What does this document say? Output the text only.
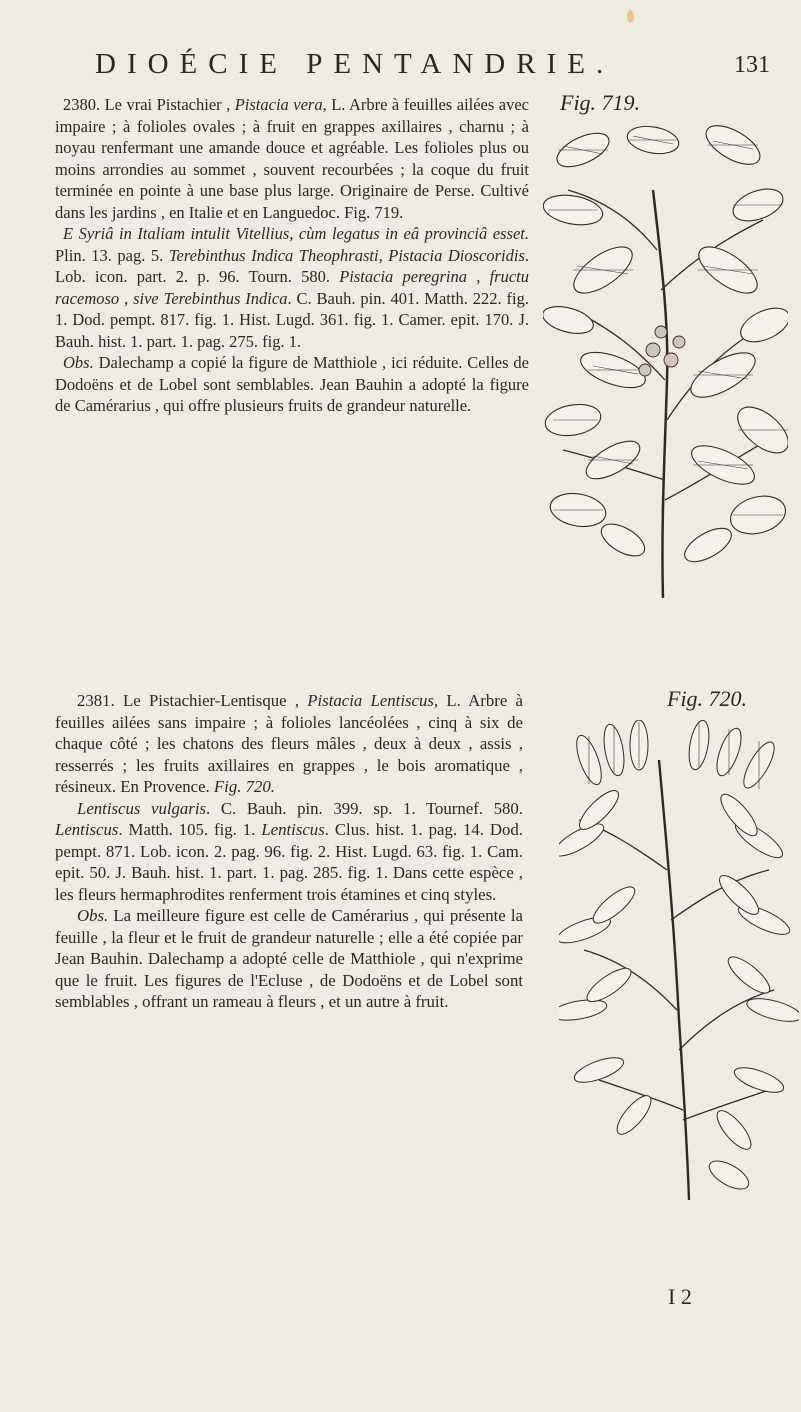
DIOÉCIE PENTANDRIE.	131
Fig. 719.

2380. Le vrai Pistachier , Pistacia vera, L. Arbre à feuilles ailées avec impaire ; à folioles ovales ; à fruit en grappes axillaires , charnu ; à noyau renfermant une amande douce et agréable. Les folioles plus ou moins arrondies au sommet , souvent recourbées ; la coque du fruit terminée en pointe à une base plus large. Originaire de Perse. Cultivé dans les jardins , en Italie et en Languedoc. Fig. 719.

E Syriâ in Italiam intulit Vitellius, cùm legatus in eâ provinciâ esset. Plin. 13. pag. 5. Terebinthus Indica Theophrasti, Pistacia Dioscoridis. Lob. icon. part. 2. p. 96. Tourn. 580. Pistacia peregrina , fructu racemoso , sive Terebinthus Indica. C. Bauh. pin. 401. Matth. 222. fig. 1. Dod. pempt. 817. fig. 1. Hist. Lugd. 361. fig. 1. Camer. epit. 170. J. Bauh. hist. 1. part. 1. pag. 275. fig. 1.

Obs. Dalechamp a copié la figure de Matthiole , ici réduite. Celles de Dodoëns et de Lobel sont semblables. Jean Bauhin a adopté la figure de Camérarius , qui offre plusieurs fruits de grandeur naturelle.

Fig. 720.

2381. Le Pistachier-Lentisque , Pistacia Lentiscus, L. Arbre à feuilles ailées sans impaire ; à folioles lancéolées , cinq à six de chaque côté ; les chatons des fleurs mâles , deux à deux , assis , resserrés ; les fruits axillaires en grappes , le bois aromatique , résineux. En Provence. Fig. 720.

Lentiscus vulgaris. C. Bauh. pin. 399. sp. 1. Tournef. 580. Lentiscus. Matth. 105. fig. 1. Lentiscus. Clus. hist. 1. pag. 14. Dod. pempt. 871. Lob. icon. 2. pag. 96. fig. 2. Hist. Lugd. 63. fig. 1. Cam. epit. 50. J. Bauh. hist. 1. part. 1. pag. 285. fig. 1. Dans cette espèce , les fleurs hermaphrodites renferment trois étamines et cinq styles.

Obs. La meilleure figure est celle de Camérarius , qui présente la feuille , la fleur et le fruit de grandeur naturelle ; elle a été copiée par Jean Bauhin. Dalechamp a adopté celle de Matthiole , qui n'exprime que le fruit. Les figures de l'Ecluse , de Dodoëns et de Lobel sont semblables , offrant un rameau à fleurs , et un autre à fruit.

I 2
